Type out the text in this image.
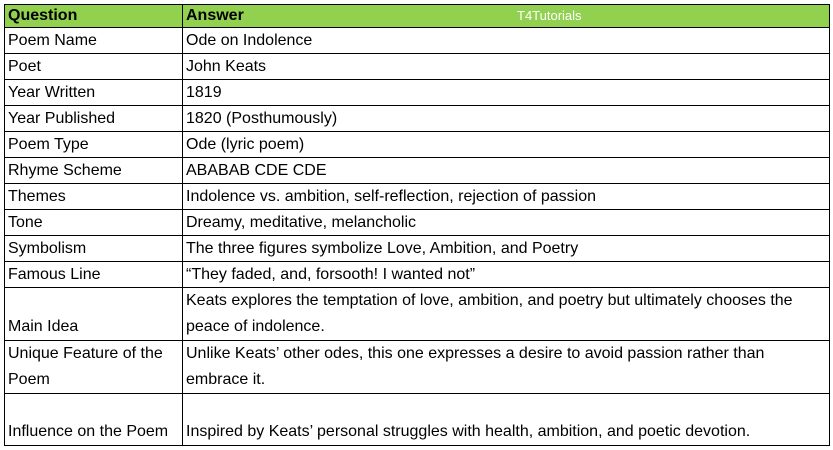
Question	Answer T4Tutorials

Poem Name	Ode on Indolence
Poet	John Keats
Year Written	1819
Year Published	1820 (Posthumously)
Poem Type	Ode (lyric poem)
Rhyme Scheme	ABABAB CDE CDE
Themes	Indolence vs. ambition, self-reflection, rejection of passion
Tone	Dreamy, meditative, melancholic
Symbolism	The three figures symbolize Love, Ambition, and Poetry
Famous Line	“They faded, and, forsooth! I wanted not”
Main Idea	Keats explores the temptation of love, ambition, and poetry but ultimately chooses the peace of indolence.
Unique Feature of the Poem	Unlike Keats’ other odes, this one expresses a desire to avoid passion rather than embrace it.
Influence on the Poem	Inspired by Keats’ personal struggles with health, ambition, and poetic devotion.
